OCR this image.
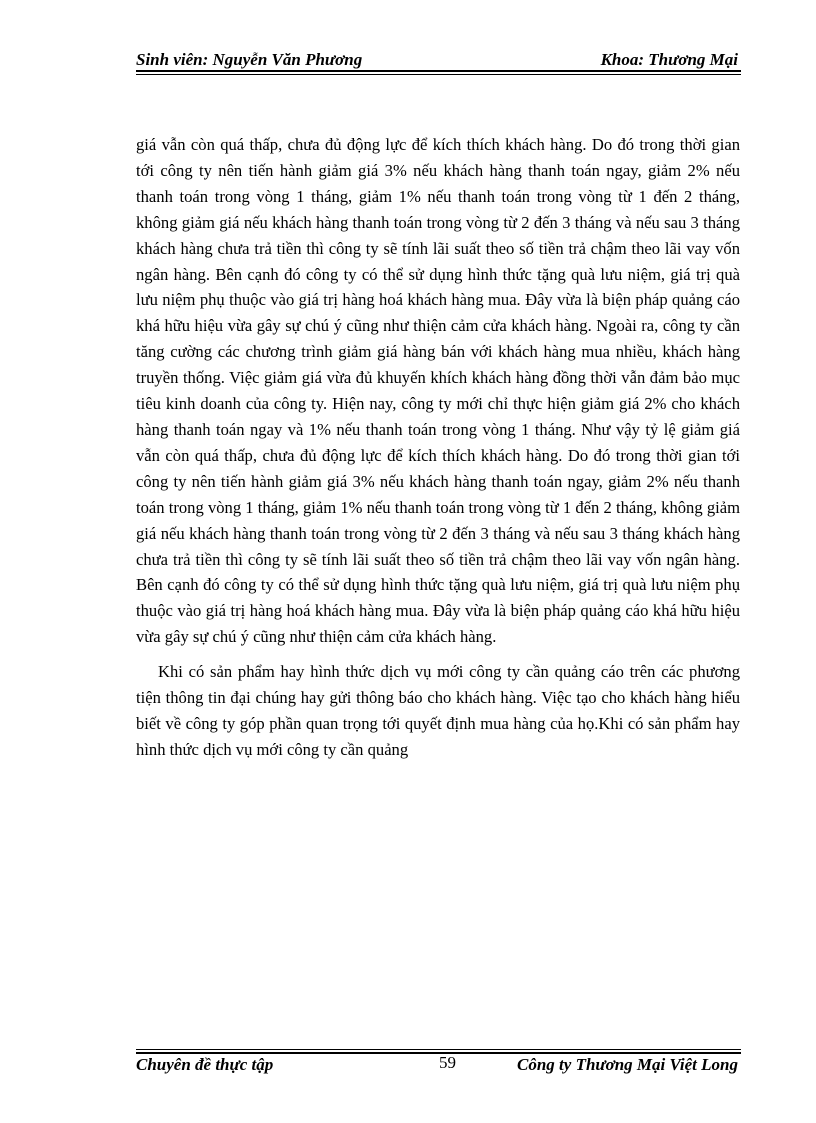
Sinh viên: Nguyễn Văn Phương	Khoa: Thương Mại

giá vẫn còn quá thấp, chưa đủ động lực để kích thích khách hàng. Do đó trong thời gian tới công ty nên tiến hành giảm giá 3% nếu khách hàng thanh toán ngay, giảm 2% nếu thanh toán trong vòng 1 tháng, giảm 1% nếu thanh toán trong vòng từ 1 đến 2 tháng, không giảm giá nếu khách hàng thanh toán trong vòng từ 2 đến 3 tháng và nếu sau 3 tháng khách hàng chưa trả tiền thì công ty sẽ tính lãi suất theo số tiền trả chậm theo lãi vay vốn ngân hàng. Bên cạnh đó công ty có thể sử dụng hình thức tặng quà lưu niệm, giá trị quà lưu niệm phụ thuộc vào giá trị hàng hoá khách hàng mua. Đây vừa là biện pháp quảng cáo khá hữu hiệu vừa gây sự chú ý cũng như thiện cảm cửa khách hàng. Ngoài ra, công ty cần tăng cường các chương trình giảm giá hàng bán với khách hàng mua nhiều, khách hàng truyền thống. Việc giảm giá vừa đủ khuyến khích khách hàng đồng thời vẫn đảm bảo mục tiêu kinh doanh của công ty. Hiện nay, công ty mới chỉ thực hiện giảm giá 2% cho khách hàng thanh toán ngay và 1% nếu thanh toán trong vòng 1 tháng. Như vậy tỷ lệ giảm giá vẫn còn quá thấp, chưa đủ động lực để kích thích khách hàng. Do đó trong thời gian tới công ty nên tiến hành giảm giá 3% nếu khách hàng thanh toán ngay, giảm 2% nếu thanh toán trong vòng 1 tháng, giảm 1% nếu thanh toán trong vòng từ 1 đến 2 tháng, không giảm giá nếu khách hàng thanh toán trong vòng từ 2 đến 3 tháng và nếu sau 3 tháng khách hàng chưa trả tiền thì công ty sẽ tính lãi suất theo số tiền trả chậm theo lãi vay vốn ngân hàng. Bên cạnh đó công ty có thể sử dụng hình thức tặng quà lưu niệm, giá trị quà lưu niệm phụ thuộc vào giá trị hàng hoá khách hàng mua. Đây vừa là biện pháp quảng cáo khá hữu hiệu vừa gây sự chú ý cũng như thiện cảm cửa khách hàng.

Khi có sản phẩm hay hình thức dịch vụ mới công ty cần quảng cáo trên các phương tiện thông tin đại chúng hay gửi thông báo cho khách hàng. Việc tạo cho khách hàng hiểu biết về công ty góp phần quan trọng tới quyết định mua hàng của họ.Khi có sản phẩm hay hình thức dịch vụ mới công ty cần quảng

Chuyên đề thực tập	59	Công ty Thương Mại Việt Long
